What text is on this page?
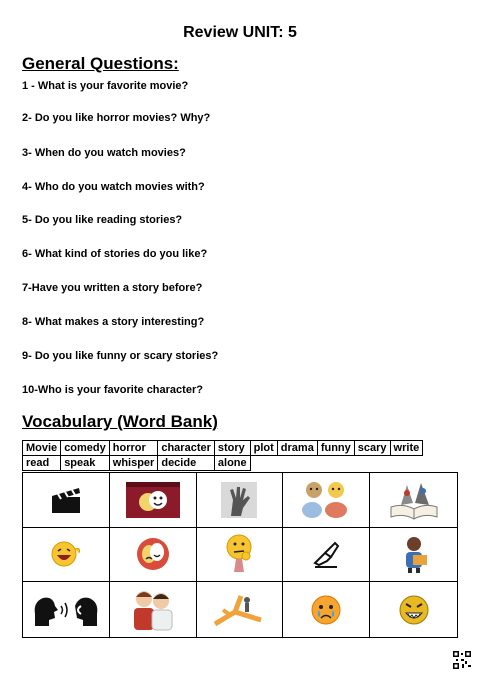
Review UNIT: 5
General Questions:
1 - What is your favorite movie?
2- Do you like horror movies? Why?
3- When do you watch movies?
4- Who do you watch movies with?
5- Do you like reading stories?
6- What kind of stories do you like?
7-Have you written a story before?
8- What makes a story interesting?
9- Do you like funny or scary stories?
10-Who is your favorite character?
Vocabulary (Word Bank)
Movie	comedy	horror	character	story	plot	drama	funny	scary	write
read	speak	whisper	decide	alone					
